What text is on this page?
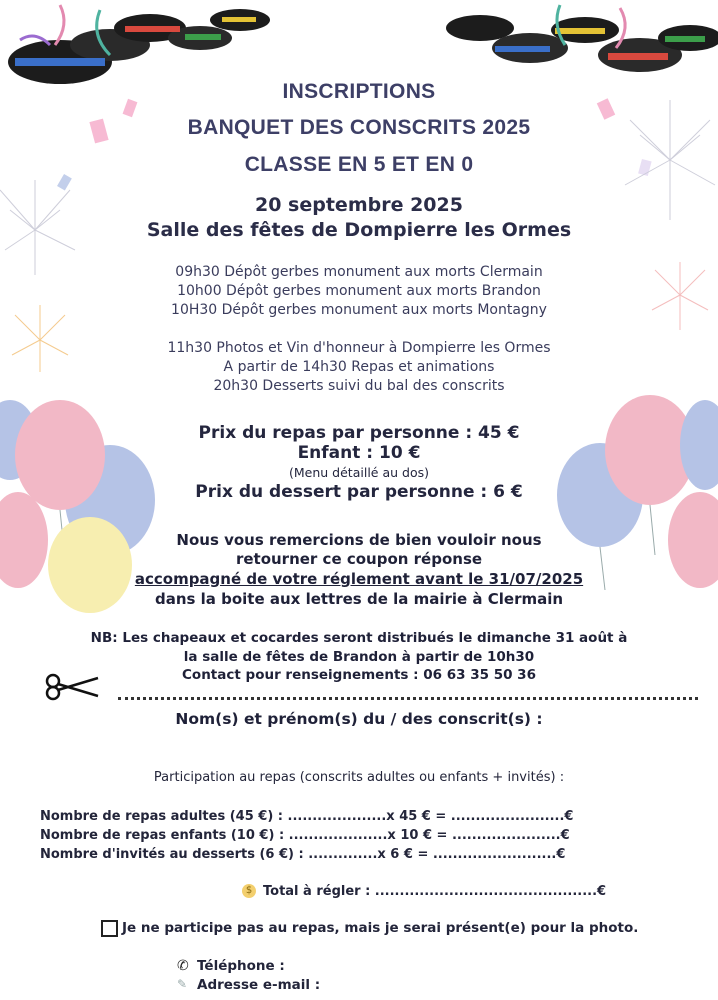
INSCRIPTIONS
BANQUET DES CONSCRITS 2025
CLASSE EN 5 ET EN 0
20 septembre 2025
Salle des fêtes de Dompierre les Ormes
09h30 Dépôt gerbes monument aux morts Clermain
10h00 Dépôt gerbes monument aux morts Brandon
10H30 Dépôt gerbes monument aux morts Montagny
11h30 Photos et Vin d'honneur à Dompierre les Ormes
A partir de 14h30 Repas et animations
20h30 Desserts suivi du bal des conscrits
Prix du repas par personne : 45 €
Enfant : 10 €
(Menu détaillé au dos)
Prix du dessert par personne : 6 €
Nous vous remercions de bien vouloir nous
retourner ce coupon réponse
accompagné de votre réglement avant le 31/07/2025
dans la boite aux lettres de la mairie à Clermain
NB: Les chapeaux et cocardes seront distribués le dimanche 31 août à
la salle de fêtes de Brandon à partir de 10h30
Contact pour renseignements : 06 63 35 50 36
Nom(s) et prénom(s) du / des conscrit(s) :
Participation au repas (conscrits adultes ou enfants + invités) :
Nombre de repas adultes (45 €) : ....................x 45 € = .......................€
Nombre de repas enfants (10 €) : ....................x 10 € = ......................€
Nombre d'invités au desserts (6 €) : ..............x 6 € = .........................€
$ Total à régler : .............................................€
Je ne participe pas au repas, mais je serai présent(e) pour la photo.
✆ Téléphone :
✎ Adresse e-mail :
